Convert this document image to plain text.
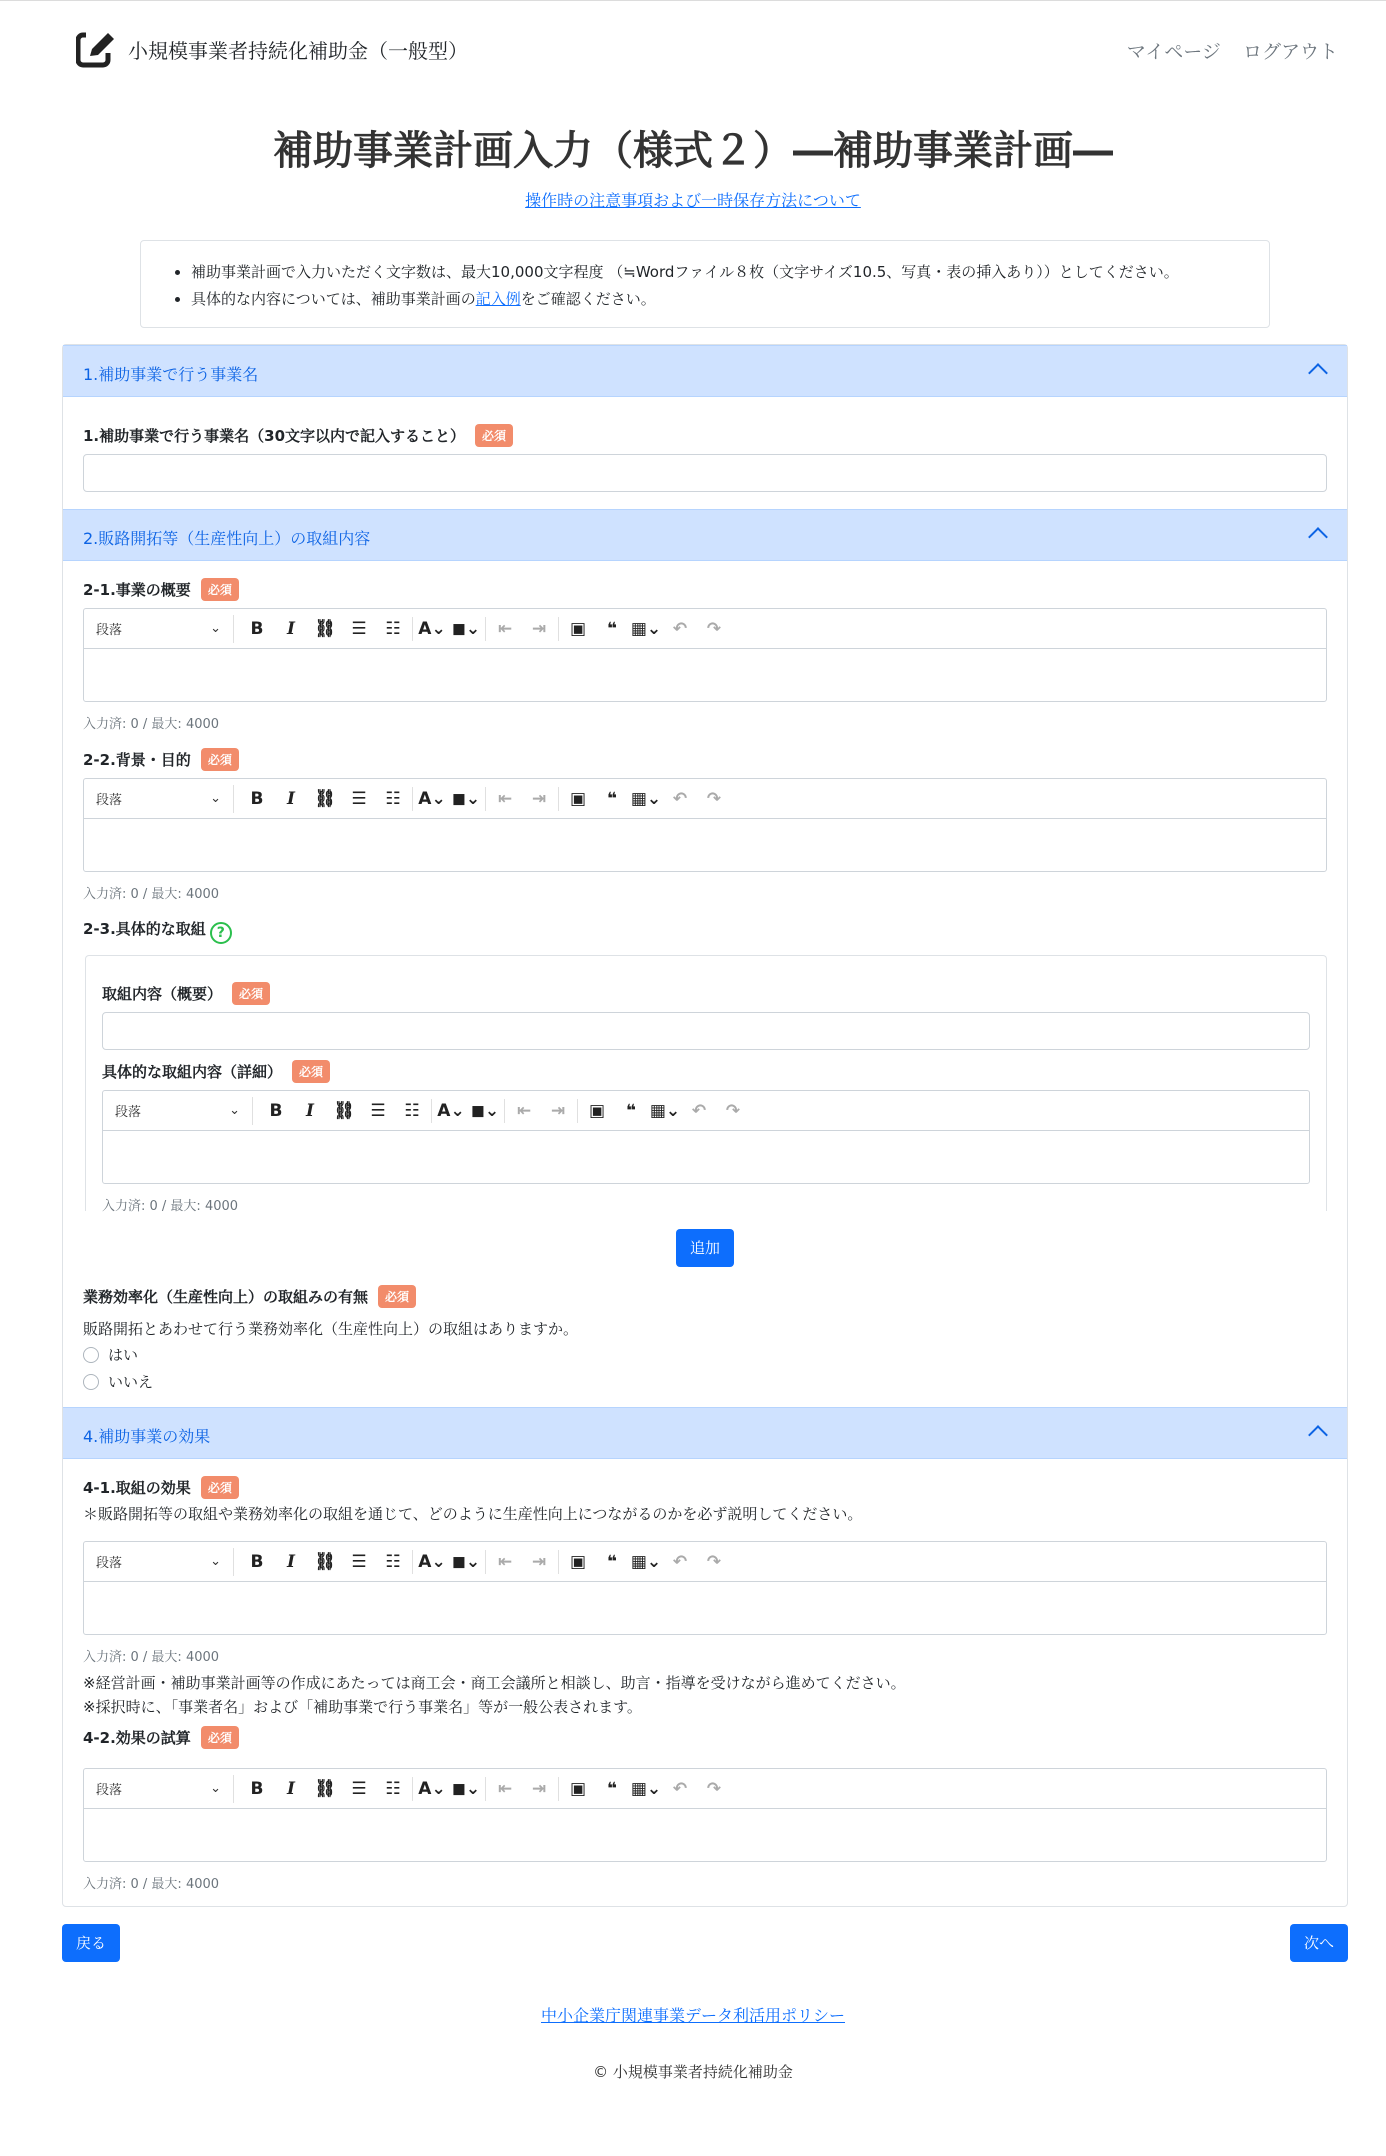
小規模事業者持続化補助金（一般型）	マイページ ログアウト
補助事業計画入力（様式２）―補助事業計画―
操作時の注意事項および一時保存方法について
• 補助事業計画で入力いただく文字数は、最大10,000文字程度 （≒Wordファイル８枚（文字サイズ10.5、写真・表の挿入あり））としてください。
• 具体的な内容については、補助事業計画の記入例をご確認ください。
1.補助事業で行う事業名
1.補助事業で行う事業名（30文字以内で記入すること） 必須
2.販路開拓等（生産性向上）の取組内容
2-1.事業の概要 必須
段落	⌄	B	I	⛓ ☰	☷	A⌄ ◼⌄	⇤	⇥	▣	❝ ▦⌄ ↶	↷
入力済: 0 / 最大: 4000
2-2.背景・目的 必須
段落	⌄	B	I	⛓ ☰	☷	A⌄ ◼⌄	⇤	⇥	▣	❝ ▦⌄ ↶	↷
入力済: 0 / 最大: 4000
2-3.具体的な取組 ?
取組内容（概要） 必須
具体的な取組内容（詳細） 必須
段落	⌄	B	I	⛓ ☰	☷	A⌄ ◼⌄	⇤	⇥	▣	❝ ▦⌄ ↶	↷
入力済: 0 / 最大: 4000
追加
業務効率化（生産性向上）の取組みの有無 必須
販路開拓とあわせて行う業務効率化（生産性向上）の取組はありますか。
はい
いいえ
4.補助事業の効果
4-1.取組の効果 必須
＊販路開拓等の取組や業務効率化の取組を通じて、どのように生産性向上につながるのかを必ず説明してください。
段落	⌄	B	I	⛓ ☰	☷	A⌄ ◼⌄	⇤	⇥	▣	❝ ▦⌄ ↶	↷
入力済: 0 / 最大: 4000
※経営計画・補助事業計画等の作成にあたっては商工会・商工会議所と相談し、助言・指導を受けながら進めてください。
※採択時に、「事業者名」および「補助事業で行う事業名」等が一般公表されます。
4-2.効果の試算 必須
段落	⌄	B	I	⛓ ☰	☷	A⌄ ◼⌄	⇤	⇥	▣	❝ ▦⌄ ↶	↷
入力済: 0 / 最大: 4000
戻る	次へ
中小企業庁関連事業データ利活用ポリシー
© 小規模事業者持続化補助金
